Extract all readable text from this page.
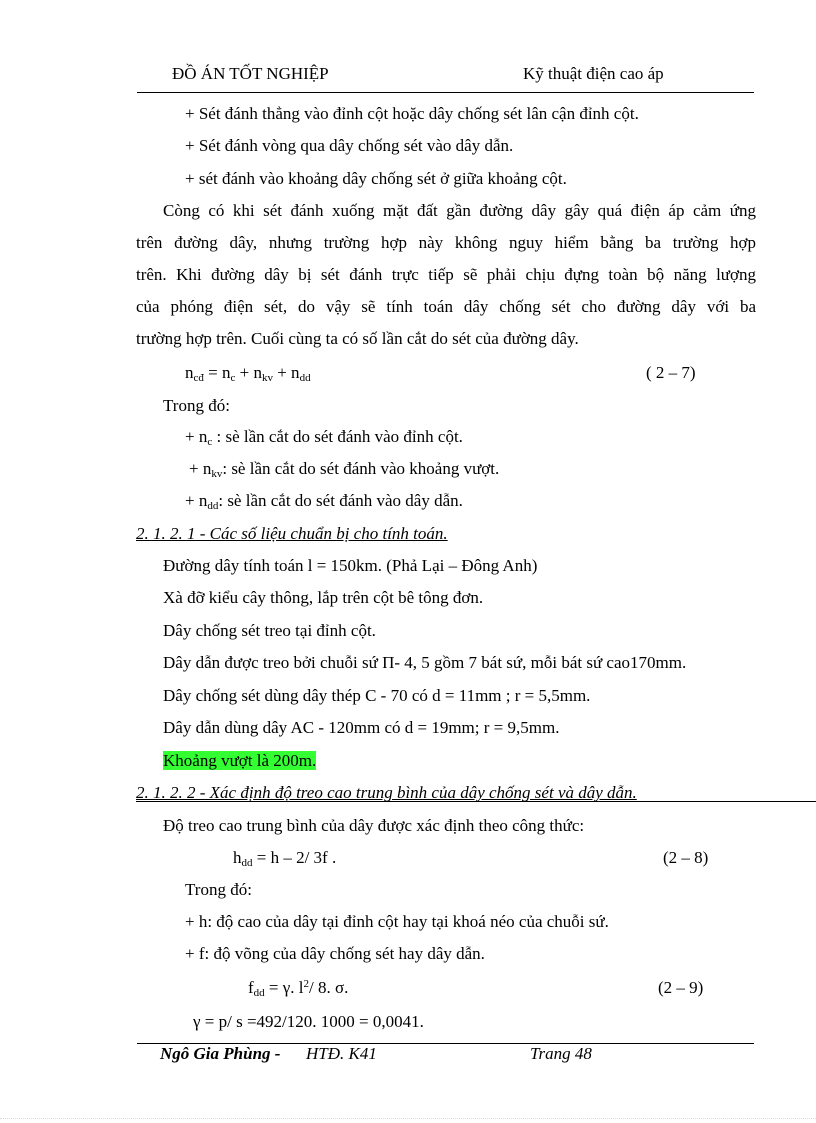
ĐỒ ÁN TỐT NGHIỆP	Kỹ thuật điện cao áp
+ Sét đánh thẳng vào đỉnh cột hoặc dây chống sét lân cận đỉnh cột.
+ Sét đánh vòng qua dây chống sét vào dây dẫn.
+ sét đánh vào khoảng dây chống sét ở giữa khoảng cột.
Còng có khi sét đánh xuống mặt đất gần đường dây gây quá điện áp cảm ứng
trên đường dây, nhưng trường hợp này không nguy hiểm bằng ba trường hợp
trên. Khi đường dây bị sét đánh trực tiếp sẽ phải chịu đựng toàn bộ năng lượng
của phóng điện sét, do vậy sẽ tính toán dây chống sét cho đường dây với ba
trường hợp trên. Cuối cùng ta có số lần cắt do sét của đường dây.
$n_{cđ} = n_c + n_{kv} + n_{dd}$	( 2 – 7)
Trong đó:
+ $n_c$ : sè lần cắt do sét đánh vào đỉnh cột.
+ $n_{kv}$: sè lần cắt do sét đánh vào khoảng vượt.
+ $n_{dd}$: sè lần cắt do sét đánh vào dây dẫn.
2. 1. 2. 1 - Các số liệu chuẩn bị cho tính toán.
Đường dây tính toán l = 150km. (Phả Lại – Đông Anh)
Xà đỡ kiểu cây thông, lắp trên cột bê tông đơn.
Dây chống sét treo tại đỉnh cột.
Dây dẫn được treo bởi chuỗi sứ Π- 4, 5 gồm 7 bát sứ, mỗi bát sứ cao170mm.
Dây chống sét dùng dây thép C - 70 có d = 11mm ; r = 5,5mm.
Dây dẫn dùng dây AC - 120mm có d = 19mm; r = 9,5mm.
Khoảng vượt là 200m.
2. 1. 2. 2 - Xác định độ treo cao trung bình của dây chống sét và dây dẫn.
Độ treo cao trung bình của dây được xác định theo công thức:
$h_{dd} = h - 2/$ 3f .	(2 – 8)
Trong đó:
+ h: độ cao của dây tại đỉnh cột hay tại khoá néo của chuỗi sứ.
+ f: độ võng của dây chống sét hay dây dẫn.
$f_{dd} = \gamma$. $l^2/$ 8. σ.	(2 – 9)
γ = p/ s =492/120. 1000 = 0,0041.
Ngô Gia Phùng - HTĐ. K41	Trang 48
